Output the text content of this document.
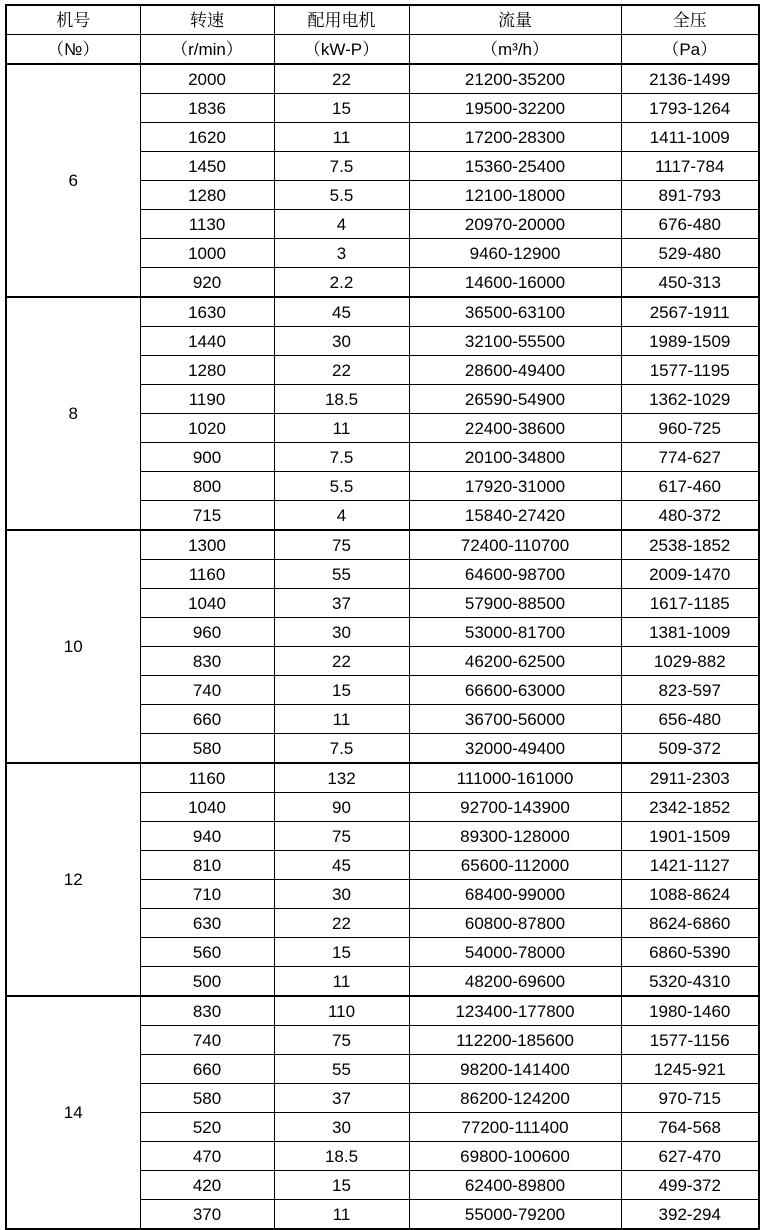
机号	转速	配用电机	流量	全压
（№）	（r/min）	（kW-P）	（m³/h）	（Pa）
6	2000	22	21200-35200	2136-1499
	1836	15	19500-32200	1793-1264
	1620	11	17200-28300	1411-1009
	1450	7.5	15360-25400	1117-784
	1280	5.5	12100-18000	891-793
	1130	4	20970-20000	676-480
	1000	3	9460-12900	529-480
	920	2.2	14600-16000	450-313
8	1630	45	36500-63100	2567-1911
	1440	30	32100-55500	1989-1509
	1280	22	28600-49400	1577-1195
	1190	18.5	26590-54900	1362-1029
	1020	11	22400-38600	960-725
	900	7.5	20100-34800	774-627
	800	5.5	17920-31000	617-460
	715	4	15840-27420	480-372
10	1300	75	72400-110700	2538-1852
	1160	55	64600-98700	2009-1470
	1040	37	57900-88500	1617-1185
	960	30	53000-81700	1381-1009
	830	22	46200-62500	1029-882
	740	15	66600-63000	823-597
	660	11	36700-56000	656-480
	580	7.5	32000-49400	509-372
12	1160	132	111000-161000	2911-2303
	1040	90	92700-143900	2342-1852
	940	75	89300-128000	1901-1509
	810	45	65600-112000	1421-1127
	710	30	68400-99000	1088-8624
	630	22	60800-87800	8624-6860
	560	15	54000-78000	6860-5390
	500	11	48200-69600	5320-4310
14	830	110	123400-177800	1980-1460
	740	75	112200-185600	1577-1156
	660	55	98200-141400	1245-921
	580	37	86200-124200	970-715
	520	30	77200-111400	764-568
	470	18.5	69800-100600	627-470
	420	15	62400-89800	499-372
	370	11	55000-79200	392-294
